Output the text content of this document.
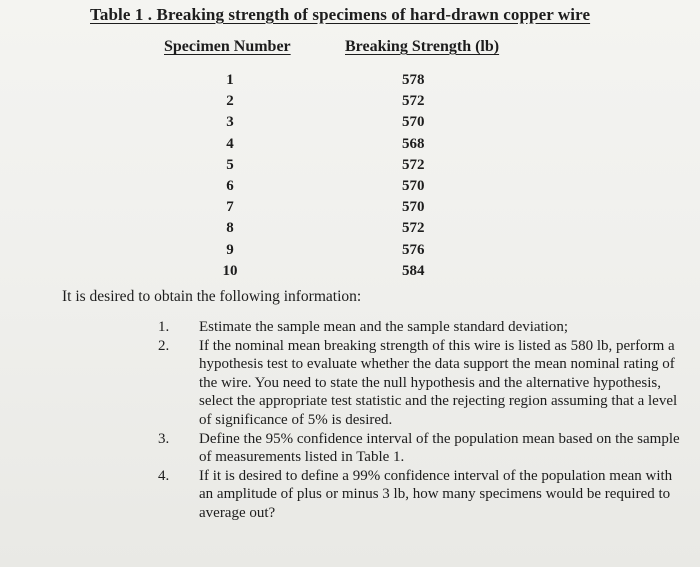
Table 1 . Breaking strength of specimens of hard-drawn copper wire
Specimen Number	Breaking Strength (lb)
1	578
2	572
3	570
4	568
5	572
6	570
7	570
8	572
9	576
10	584
It is desired to obtain the following information:
1. Estimate the sample mean and the sample standard deviation;
2. If the nominal mean breaking strength of this wire is listed as 580 lb, perform a hypothesis test to evaluate whether the data support the mean nominal rating of the wire. You need to state the null hypothesis and the alternative hypothesis, select the appropriate test statistic and the rejecting region assuming that a level of significance of 5% is desired.
3. Define the 95% confidence interval of the population mean based on the sample of measurements listed in Table 1.
4. If it is desired to define a 99% confidence interval of the population mean with an amplitude of plus or minus 3 lb, how many specimens would be required to average out?
